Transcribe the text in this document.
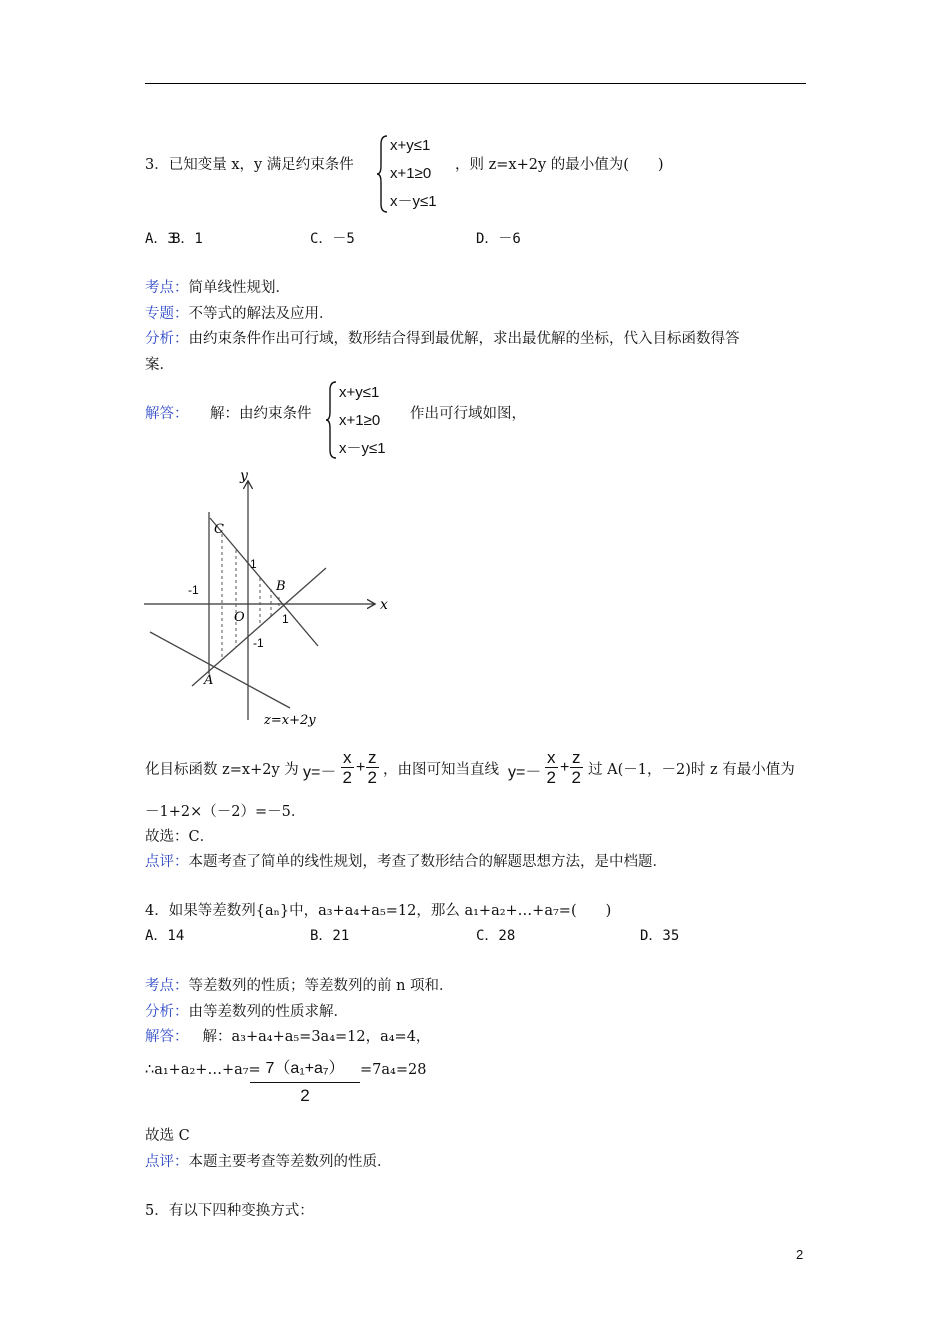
3．已知变量 x，y 满足约束条件
x+y≤1
x+1≥0
x－y≤1
，则 z=x+2y 的最小值为(　　)
A．3
B．1	C．－5	D．－6
考点：简单线性规划．
专题：不等式的解法及应用．
分析：由约束条件作出可行域，数形结合得到最优解，求出最优解的坐标，代入目标函数得答
案．
解答： 解：由约束条件
x+y≤1
x+1≥0
x－y≤1
作出可行域如图，
y
x
C
1
B
-1
O	1
-1
A
z=x+2y
化目标函数 z=x+2y 为 $y=- \frac{x}{2} + \frac{z}{2}$ ，由图可知当直线 $y=- \frac{x}{2} + \frac{z}{2}$ 过 A(－1，－2)时 z 有最小值为
－1+2×（－2）=－5．
故选：C．
点评：本题考查了简单的线性规划，考查了数形结合的解题思想方法，是中档题．
4．如果等差数列{aₙ}中，a₃+a₄+a₅=12，那么 a₁+a₂+…+a₇=(　　)
A．14	B．21	C．28	D．35
考点：等差数列的性质；等差数列的前 n 项和．
分析：由等差数列的性质求解．
解答： 解：a₃+a₄+a₅=3a₄=12，a₄=4，
∴a₁+a₂+…+a₇=
$\frac{\text{7（a₁+a₇）}}{2} =7a_4=28$
故选 C
点评：本题主要考查等差数列的性质．
5．有以下四种变换方式：
2
